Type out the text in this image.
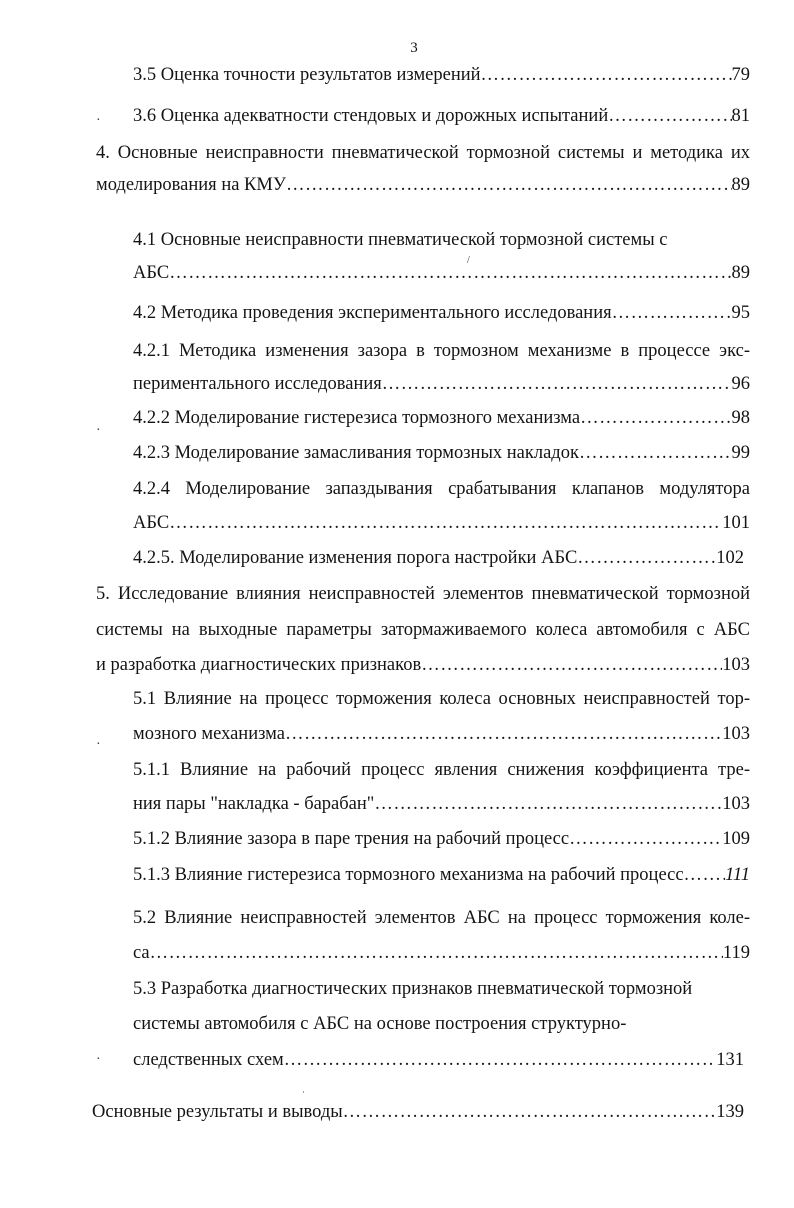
3
3.5 Оценка точности результатов измерений …………………………………………………………………………………………………………………………………………………………	79
3.6 Оценка адекватности стендовых и дорожных испытаний …………………………………………………………………………………………………………………………………………………………	81
4. Основные неисправности пневматической тормозной системы и методика их
моделирования на КМУ …………………………………………………………………………………………………………………………………………………………	89
4.1 Основные неисправности пневматической тормозной системы с
АБС …………………………………………………………………………………………………………………………………………………………	89
4.2 Методика проведения экспериментального исследования …………………………………………………………………………………………………………………………………………………………	95
4.2.1 Методика изменения зазора в тормозном механизме в процессе экс-
периментального исследования …………………………………………………………………………………………………………………………………………………………	96
4.2.2 Моделирование гистерезиса тормозного механизма …………………………………………………………………………………………………………………………………………………………	98
4.2.3 Моделирование замасливания тормозных накладок …………………………………………………………………………………………………………………………………………………………	99
4.2.4 Моделирование запаздывания срабатывания клапанов модулятора
АБС …………………………………………………………………………………………………………………………………………………………	101
4.2.5. Моделирование изменения порога настройки АБС …………………………………………………………………………………………………………………………………………………………	102
5. Исследование влияния неисправностей элементов пневматической тормозной
системы на выходные параметры затормаживаемого колеса автомобиля с АБС
и разработка диагностических признаков …………………………………………………………………………………………………………………………………………………………	103
5.1 Влияние на процесс торможения колеса основных неисправностей тор-
мозного механизма …………………………………………………………………………………………………………………………………………………………	103
5.1.1 Влияние на рабочий процесс явления снижения коэффициента тре-
ния пары "накладка - барабан" …………………………………………………………………………………………………………………………………………………………	103
5.1.2 Влияние зазора в паре трения на рабочий процесс …………………………………………………………………………………………………………………………………………………………	109
5.1.3 Влияние гистерезиса тормозного механизма на рабочий процесс ………………………………………………………………………………………………………………………………………………………… 111
5.2 Влияние неисправностей элементов АБС на процесс торможения коле-
са …………………………………………………………………………………………………………………………………………………………	119
5.3 Разработка диагностических признаков пневматической тормозной
системы автомобиля с АБС на основе построения структурно-
следственных схем …………………………………………………………………………………………………………………………………………………………	131
Основные результаты и выводы …………………………………………………………………………………………………………………………………………………………	139
·
/
·
·
·
·
